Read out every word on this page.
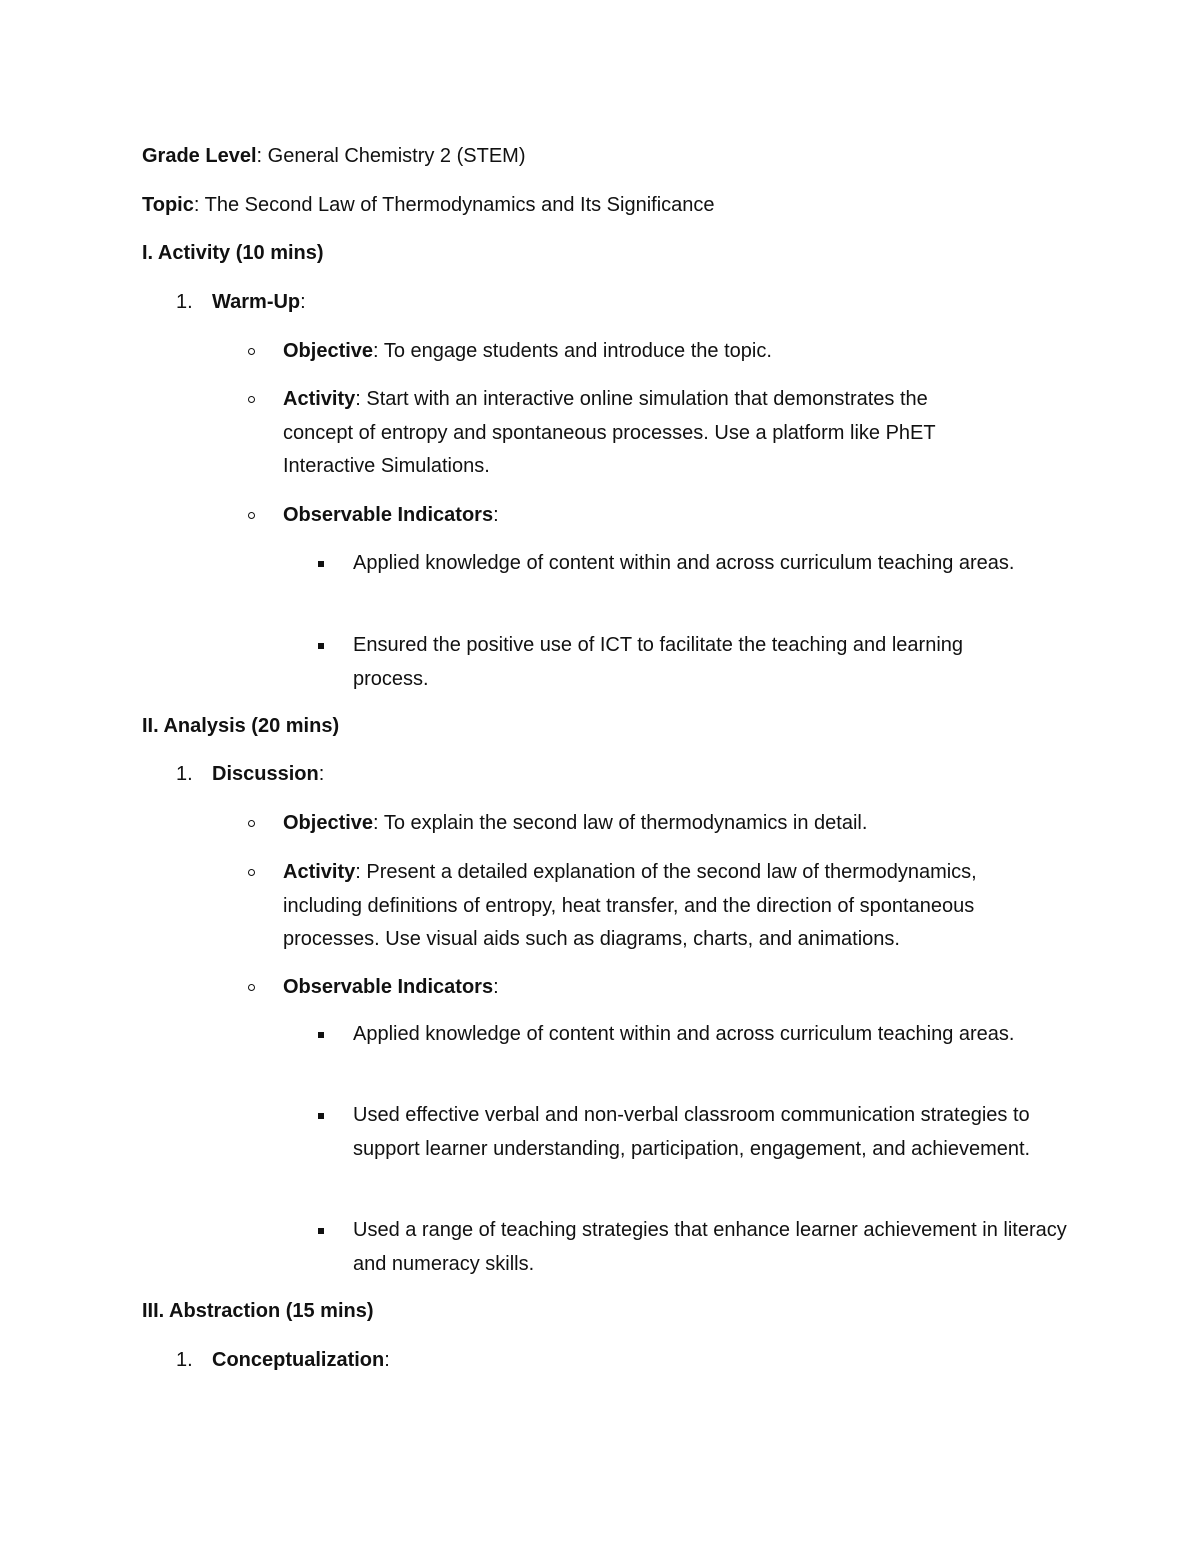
Grade Level: General Chemistry 2 (STEM)
Topic: The Second Law of Thermodynamics and Its Significance
I. Activity (10 mins)
1. Warm-Up:
Objective: To engage students and introduce the topic.
Activity: Start with an interactive online simulation that demonstrates the concept of entropy and spontaneous processes. Use a platform like PhET Interactive Simulations.
Observable Indicators:
Applied knowledge of content within and across curriculum teaching areas.
Ensured the positive use of ICT to facilitate the teaching and learning process.
II. Analysis (20 mins)
1. Discussion:
Objective: To explain the second law of thermodynamics in detail.
Activity: Present a detailed explanation of the second law of thermodynamics, including definitions of entropy, heat transfer, and the direction of spontaneous processes. Use visual aids such as diagrams, charts, and animations.
Observable Indicators:
Applied knowledge of content within and across curriculum teaching areas.
Used effective verbal and non-verbal classroom communication strategies to support learner understanding, participation, engagement, and achievement.
Used a range of teaching strategies that enhance learner achievement in literacy and numeracy skills.
III. Abstraction (15 mins)
1. Conceptualization:
